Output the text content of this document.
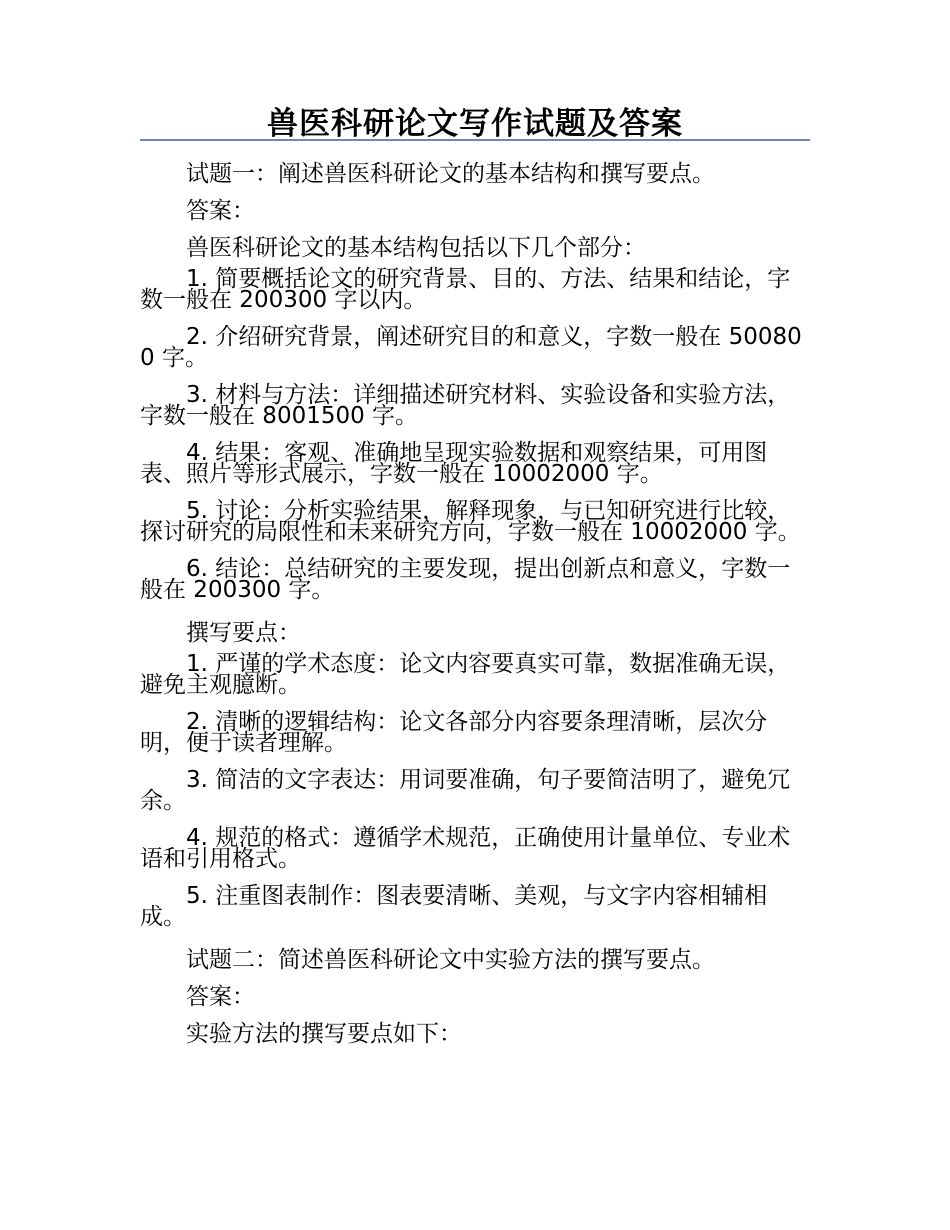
兽医科研论文写作试题及答案

试题一：阐述兽医科研论文的基本结构和撰写要点。

答案：

兽医科研论文的基本结构包括以下几个部分：

1. 简要概括论文的研究背景、目的、方法、结果和结论，字数一般在 200300 字以内。

2. 介绍研究背景，阐述研究目的和意义，字数一般在 500800 字。

3. 材料与方法：详细描述研究材料、实验设备和实验方法，字数一般在 8001500 字。

4. 结果：客观、准确地呈现实验数据和观察结果，可用图表、照片等形式展示，字数一般在 10002000 字。

5. 讨论：分析实验结果，解释现象，与已知研究进行比较，探讨研究的局限性和未来研究方向，字数一般在 10002000 字。

6. 结论：总结研究的主要发现，提出创新点和意义，字数一般在 200300 字。

撰写要点：

1. 严谨的学术态度：论文内容要真实可靠，数据准确无误，避免主观臆断。

2. 清晰的逻辑结构：论文各部分内容要条理清晰，层次分明，便于读者理解。

3. 简洁的文字表达：用词要准确，句子要简洁明了，避免冗余。

4. 规范的格式：遵循学术规范，正确使用计量单位、专业术语和引用格式。

5. 注重图表制作：图表要清晰、美观，与文字内容相辅相成。

试题二：简述兽医科研论文中实验方法的撰写要点。

答案：

实验方法的撰写要点如下：
